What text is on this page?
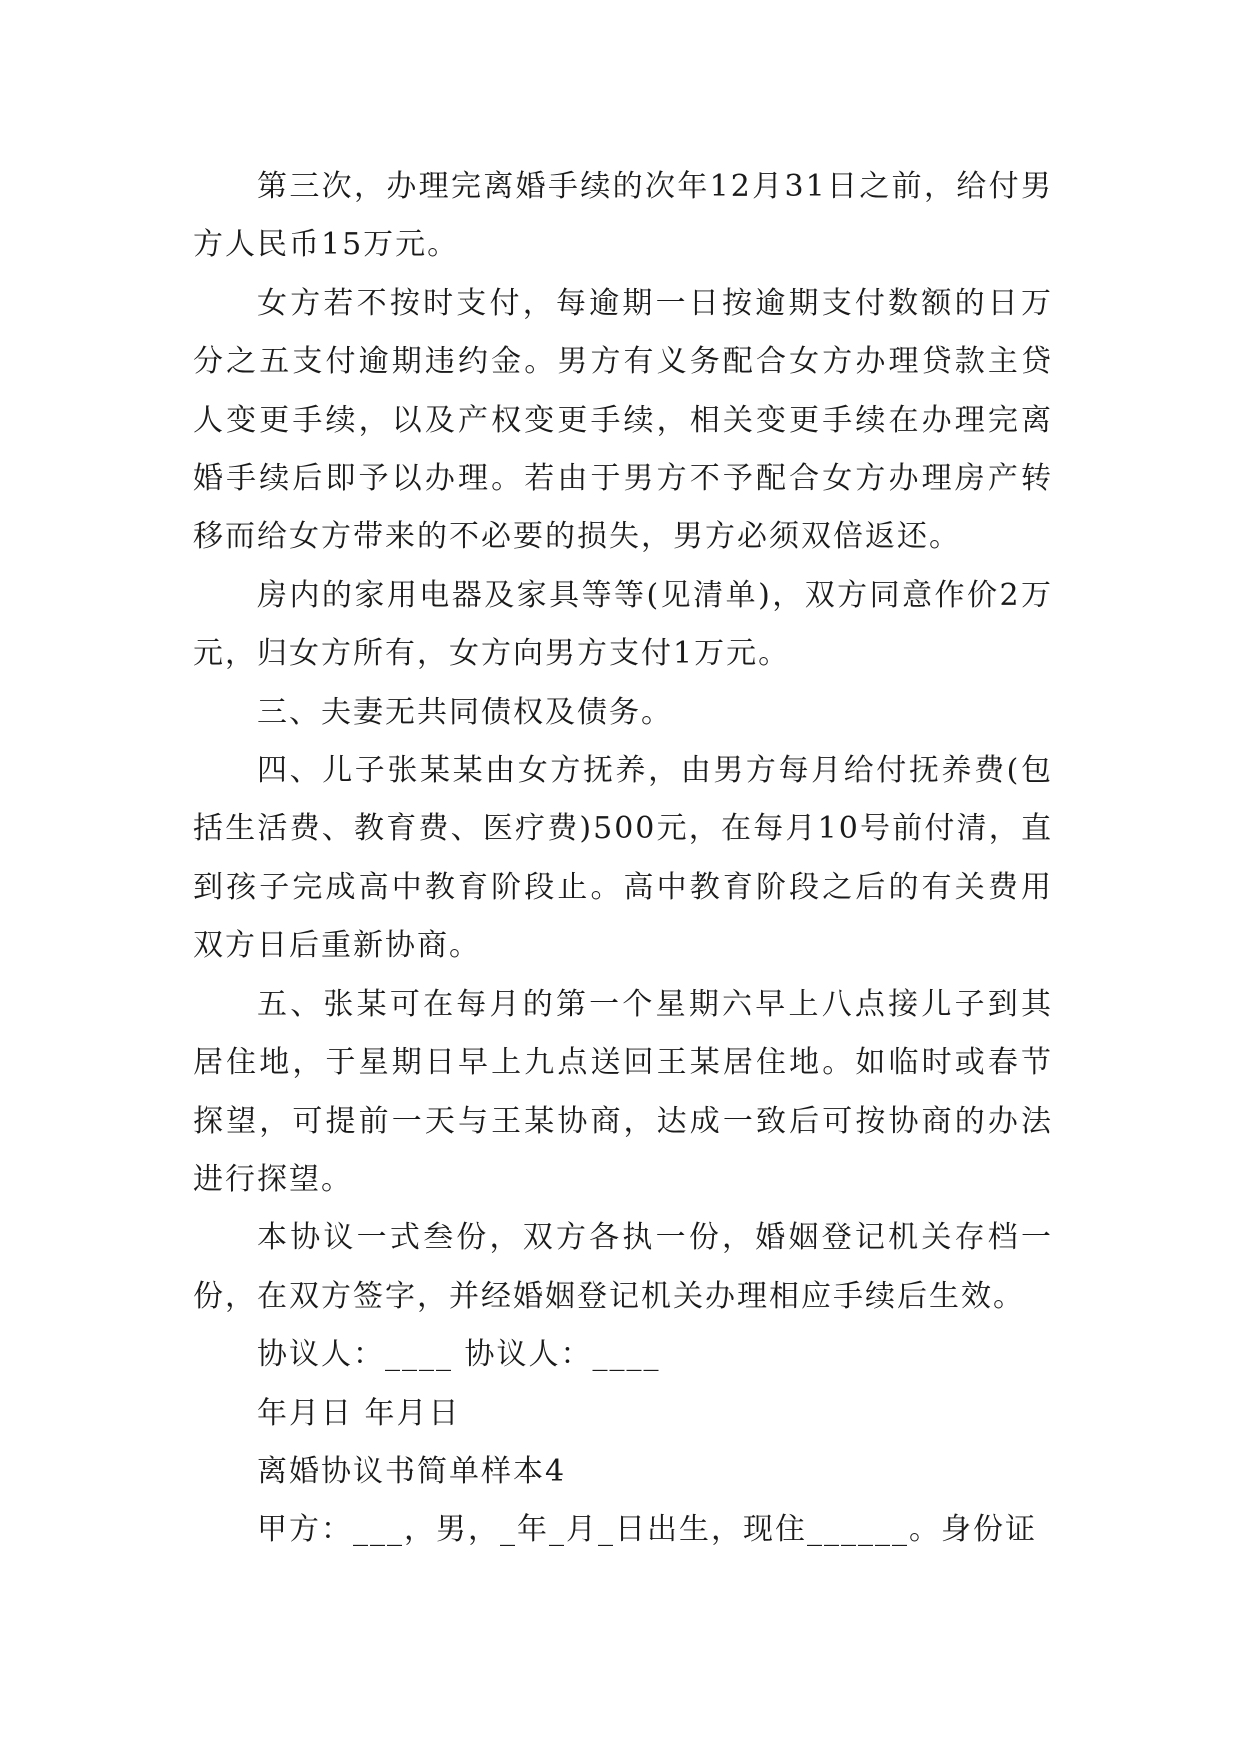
第三次，办理完离婚手续的次年12月31日之前，给付男方人民币15万元。

女方若不按时支付，每逾期一日按逾期支付数额的日万分之五支付逾期违约金。男方有义务配合女方办理贷款主贷人变更手续，以及产权变更手续，相关变更手续在办理完离婚手续后即予以办理。若由于男方不予配合女方办理房产转移而给女方带来的不必要的损失，男方必须双倍返还。

房内的家用电器及家具等等(见清单)，双方同意作价2万元，归女方所有，女方向男方支付1万元。

三、夫妻无共同债权及债务。

四、儿子张某某由女方抚养，由男方每月给付抚养费(包括生活费、教育费、医疗费)500元，在每月10号前付清，直到孩子完成高中教育阶段止。高中教育阶段之后的有关费用双方日后重新协商。

五、张某可在每月的第一个星期六早上八点接儿子到其居住地，于星期日早上九点送回王某居住地。如临时或春节探望，可提前一天与王某协商，达成一致后可按协商的办法进行探望。

本协议一式叁份，双方各执一份，婚姻登记机关存档一份，在双方签字，并经婚姻登记机关办理相应手续后生效。

协议人：____ 协议人：____

年月日 年月日

离婚协议书简单样本4

甲方：___，男，_年_月_日出生，现住______。身份证
